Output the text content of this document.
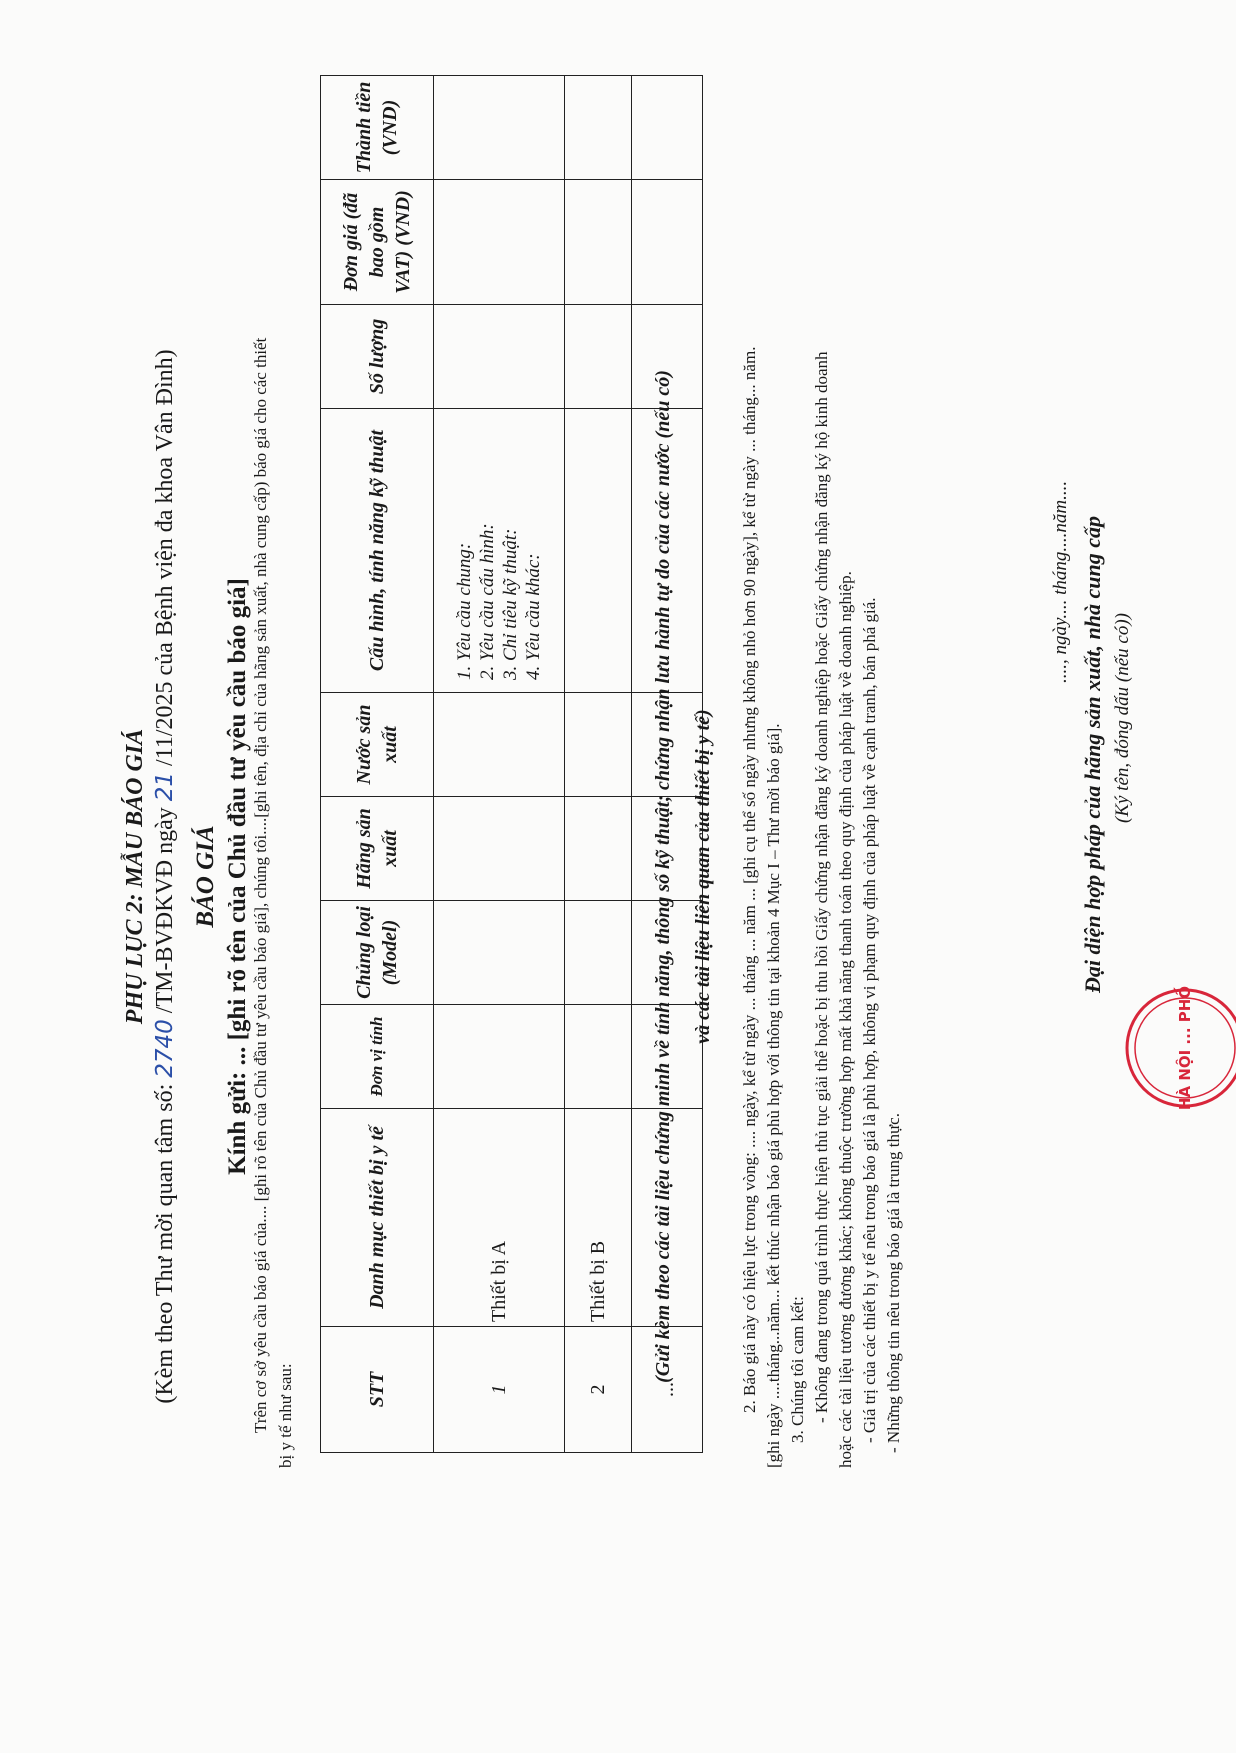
PHỤ LỤC 2: MẪU BÁO GIÁ
(Kèm theo Thư mời quan tâm số: 2740 /TM-BVĐKVĐ ngày 21 /11/2025 của Bệnh viện đa khoa Vân Đình)
BÁO GIÁ Kính gửi: ... [ghi rõ tên của Chủ đầu tư yêu cầu báo giá] Trên cơ sở yêu cầu báo giá của.... [ghi rõ tên của Chủ đầu tư yêu cầu báo giá], chúng tôi....[ghi tên, địa chỉ của hãng sản xuất, nhà cung cấp) báo giá cho các thiết bị y tế như sau:	STT	Danh mục thiết bị y tế	Đơn vị tính	Chủng loại (Model)	Hãng sản xuất	Nước sản xuất	Cấu hình, tính năng kỹ thuật	Số lượng	Đơn giá (đã bao gồm VAT) (VND)	Thành tiền (VND)
1	Thiết bị A					1. Yêu cầu chung: 2. Yêu cầu cấu hình: 3. Chỉ tiêu kỹ thuật: 4. Yêu cầu khác:			

2	Thiết bị B								
...									
(Gửi kèm theo các tài liệu chứng minh về tính năng, thông số kỹ thuật; chứng nhận lưu hành tự do của các nước (nếu có) và các tài liệu liên quan của thiết bị y tế) 2. Báo giá này có hiệu lực trong vòng: .... ngày, kể từ ngày ... tháng ... năm ... [ghi cụ thể số ngày nhưng không nhỏ hơn 90 ngày], kể từ ngày ... tháng... năm. [ghi ngày ....tháng...năm... kết thúc nhận báo giá phù hợp với thông tin tại khoản 4 Mục I – Thư mời báo giá]. 3. Chúng tôi cam kết: - Không đang trong quá trình thực hiện thủ tục giải thể hoặc bị thu hồi Giấy chứng nhận đăng ký doanh nghiệp hoặc Giấy chứng nhận đăng ký hộ kinh doanh hoặc các tài liệu tương đương khác; không thuộc trường hợp mất khả năng thanh toán theo quy định của pháp luật về doanh nghiệp. - Giá trị của các thiết bị y tế nêu trong báo giá là phù hợp, không vi phạm quy định của pháp luật về cạnh tranh, bán phá giá. - Những thông tin nêu trong báo giá là trung thực.
HÀ NỘI ... PHỐ
...., ngày.... tháng....năm.... Đại diện hợp pháp của hãng sản xuất, nhà cung cấp (Ký tên, đóng dấu (nếu có))
